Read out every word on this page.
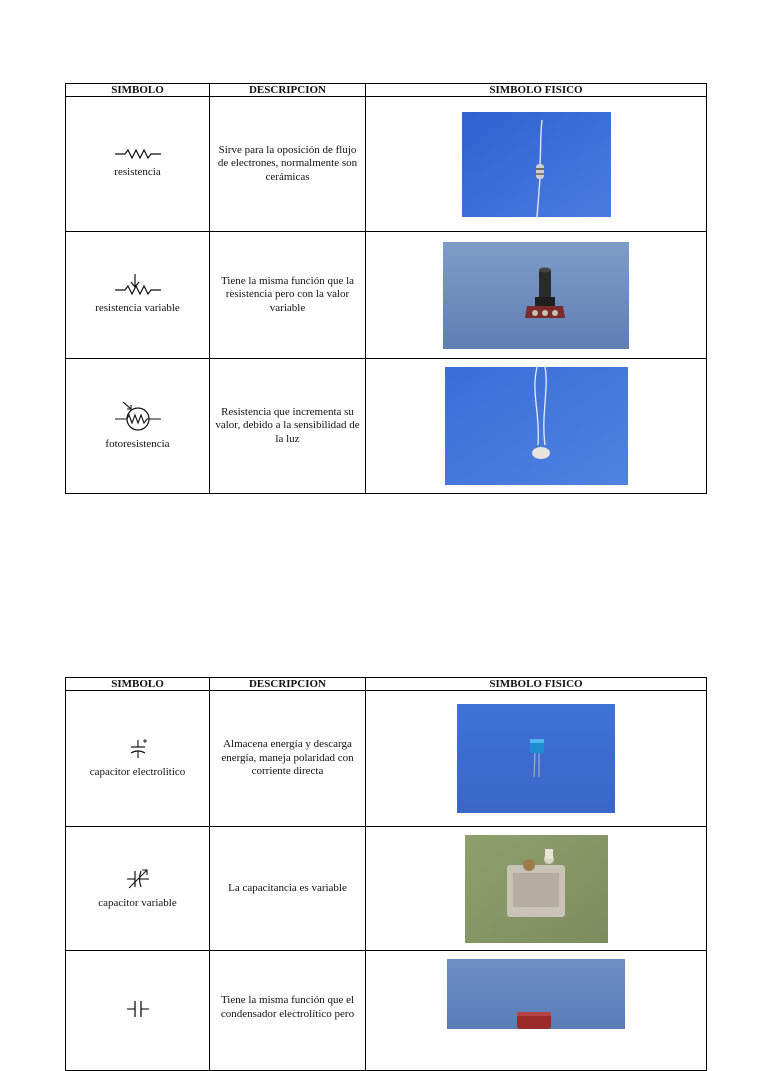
SIMBOLO	DESCRIPCION	SIMBOLO FISICO

resistencia	Sirve para la oposición de flujo de electrones, normalmente son cerámicas	

resistencia variable	Tiene la misma función que la resistencia pero con la valor variable	

fotoresistencia	Resistencia que incrementa su valor, debido a la sensibilidad de la luz	
SIMBOLO	DESCRIPCION	SIMBOLO FISICO

capacitor electrolitico	Almacena energía y descarga energía, maneja polaridad con corriente directa	

capacitor variable	La capacitancia es variable	

	Tiene la misma función que el condensador electrolítico pero	
